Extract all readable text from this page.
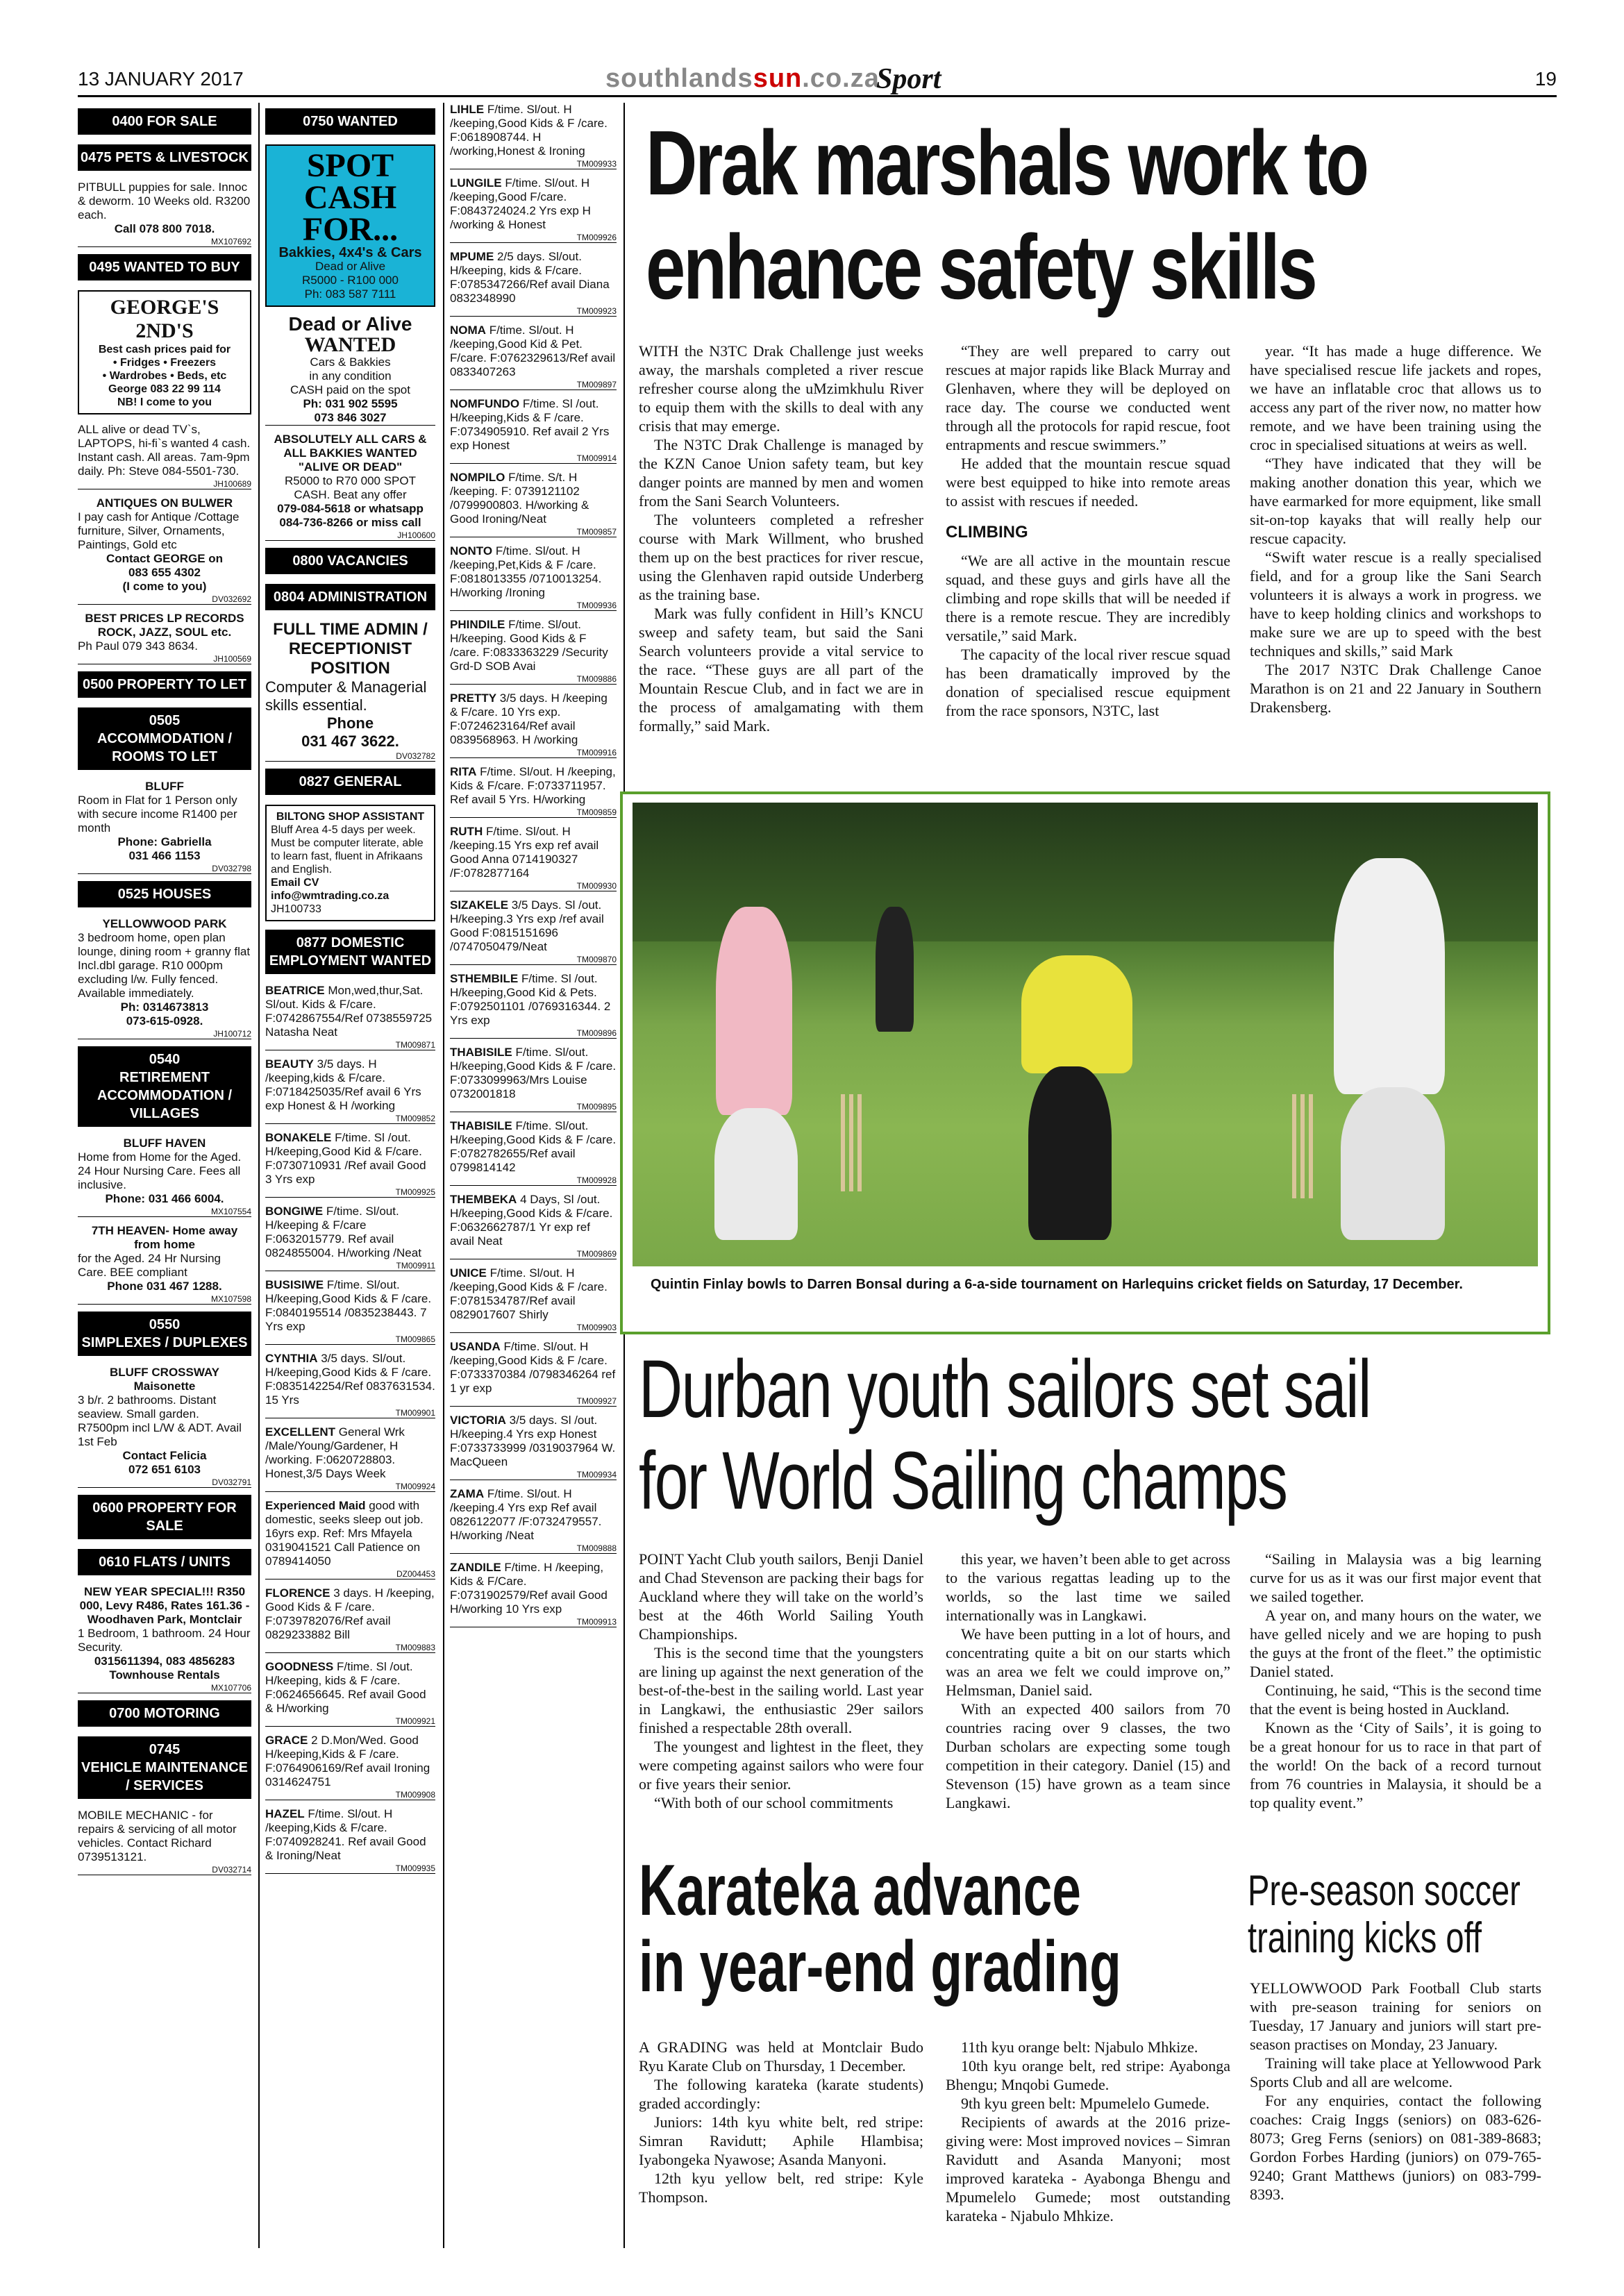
13 JANUARY 2017	southlandssun.co.za
Sport	19
0400 FOR SALE
0475 PETS & LIVESTOCK

PITBULL puppies for sale. Innoc & deworm. 10 Weeks old. R3200 each.

Call 078 800 7018.

MX107692
0495 WANTED TO BUY
GEORGE'S 2ND'S
Best cash prices paid for
• Fridges • Freezers
• Wardrobes • Beds, etc
George 083 22 99 114
NB! I come to you

ALL alive or dead TV`s, LAPTOPS, hi-fi`s wanted 4 cash. Instant cash. All areas. 7am-9pm daily. Ph: Steve 084-5501-730.

JH100689

ANTIQUES ON BULWER

I pay cash for Antique /Cottage furniture, Silver, Ornaments, Paintings, Gold etc

Contact GEORGE on

083 655 4302

(I come to you)

DV032692

BEST PRICES LP RECORDS ROCK, JAZZ, SOUL etc.

Ph Paul 079 343 8634.

JH100569
0500 PROPERTY TO LET
0505
ACCOMMODATION / ROOMS TO LET

BLUFF

Room in Flat for 1 Person only with secure income R1400 per month

Phone: Gabriella

031 466 1153

DV032798
0525 HOUSES

YELLOWWOOD PARK

3 bedroom home, open plan lounge, dining room + granny flat Incl.dbl garage. R10 000pm excluding l/w. Fully fenced. Available immediately.

Ph: 0314673813

073-615-0928.

JH100712
0540
RETIREMENT ACCOMMODATION / VILLAGES

BLUFF HAVEN

Home from Home for the Aged. 24 Hour Nursing Care. Fees all inclusive.

Phone: 031 466 6004.

MX107554

7TH HEAVEN- Home away from home

for the Aged. 24 Hr Nursing Care. BEE compliant

Phone 031 467 1288.

MX107598
0550
SIMPLEXES / DUPLEXES

BLUFF CROSSWAY

Maisonette

3 b/r. 2 bathrooms. Distant seaview. Small garden. R7500pm incl L/W & ADT. Avail 1st Feb

Contact Felicia

072 651 6103

DV032791
0600 PROPERTY FOR SALE
0610 FLATS / UNITS

NEW YEAR SPECIAL!!! R350 000, Levy R486, Rates 161.36 - Woodhaven Park, Montclair

1 Bedroom, 1 bathroom. 24 Hour Security.

0315611394, 083 4856283

Townhouse Rentals

MX107706
0700 MOTORING
0745
VEHICLE MAINTENANCE / SERVICES

MOBILE MECHANIC - for repairs & servicing of all motor vehicles. Contact Richard 0739513121.

DV032714
0750 WANTED
SPOT
CASH
FOR...
Bakkies, 4x4's & Cars
Dead or Alive
R5000 - R100 000
Ph: 083 587 7111
Dead or Alive
WANTED
Cars & Bakkies
in any condition
CASH paid on the spot
Ph: 031 902 5595
073 846 3027

ABSOLUTELY ALL CARS & ALL BAKKIES WANTED "ALIVE OR DEAD"

R5000 to R70 000 SPOT CASH. Beat any offer

079-084-5618 or whatsapp 084-736-8266 or miss call

JH100600
0800 VACANCIES
0804 ADMINISTRATION

FULL TIME ADMIN / RECEPTIONIST POSITION

Computer & Managerial skills essential.

Phone

031 467 3622.

DV032782
0827 GENERAL

BILTONG SHOP ASSISTANT

Bluff Area 4-5 days per week. Must be computer literate, able to learn fast, fluent in Afrikaans and English.

Email CV info@wmtrading.co.za

JH100733
0877 DOMESTIC EMPLOYMENT WANTED

BEATRICE Mon,wed,thur,Sat. Sl/out. Kids & F/care. F:0742867554/Ref 0738559725 Natasha Neat

TM009871

BEAUTY 3/5 days. H /keeping,kids & F/care. F:0718425035/Ref avail 6 Yrs exp Honest & H /working

TM009852

BONAKELE F/time. Sl /out. H/keeping,Good Kid & F/care. F:0730710931 /Ref avail Good 3 Yrs exp

TM009925

BONGIWE F/time. Sl/out. H/keeping & F/care F:0632015779. Ref avail 0824855004. H/working /Neat

TM009911

BUSISIWE F/time. Sl/out. H/keeping,Good Kids & F /care. F:0840195514 /0835238443. 7 Yrs exp

TM009865

CYNTHIA 3/5 days. Sl/out. H/keeping,Good Kids & F /care. F:0835142254/Ref 0837631534. 15 Yrs

TM009901

EXCELLENT General Wrk /Male/Young/Gardener, H /working. F:0620728803. Honest,3/5 Days Week

TM009924

Experienced Maid good with domestic, seeks sleep out job. 16yrs exp. Ref: Mrs Mfayela 0319041521 Call Patience on 0789414050

DZ004453

FLORENCE 3 days. H /keeping, Good Kids & F /care. F:0739782076/Ref avail 0829233882 Bill

TM009883

GOODNESS F/time. Sl /out. H/keeping, kids & F /care. F:0624656645. Ref avail Good & H/working

TM009921

GRACE 2 D.Mon/Wed. Good H/keeping,Kids & F /care. F:0764906169/Ref avail Ironing 0314624751

TM009908

HAZEL F/time. Sl/out. H /keeping,Kids & F/care. F:0740928241. Ref avail Good & Ironing/Neat

TM009935

LIHLE F/time. Sl/out. H /keeping,Good Kids & F /care. F:0618908744. H /working,Honest & Ironing

TM009933

LUNGILE F/time. Sl/out. H /keeping,Good F/care. F:0843724024.2 Yrs exp H /working & Honest

TM009926

MPUME 2/5 days. Sl/out. H/keeping, kids & F/care. F:0785347266/Ref avail Diana 0832348990

TM009923

NOMA F/time. Sl/out. H /keeping,Good Kid & Pet. F/care. F:0762329613/Ref avail 0833407263

TM009897

NOMFUNDO F/time. Sl /out. H/keeping,Kids & F /care. F:0734905910. Ref avail 2 Yrs exp Honest

TM009914

NOMPILO F/time. S/t. H /keeping. F: 0739121102 /0799900803. H/working & Good Ironing/Neat

TM009857

NONTO F/time. Sl/out. H /keeping,Pet,Kids & F /care. F:0818013355 /0710013254. H/working /Ironing

TM009936

PHINDILE F/time. Sl/out. H/keeping. Good Kids & F /care. F:0833363229 /Security Grd-D SOB Avai

TM009886

PRETTY 3/5 days. H /keeping & F/care. 10 Yrs exp. F:0724623164/Ref avail 0839568963. H /working

TM009916

RITA F/time. Sl/out. H /keeping, Kids & F/care. F:0733711957. Ref avail 5 Yrs. H/working

TM009859

RUTH F/time. Sl/out. H /keeping.15 Yrs exp ref avail Good Anna 0714190327 /F:0782877164

TM009930

SIZAKELE 3/5 Days. Sl /out. H/keeping.3 Yrs exp /ref avail Good F:0815151696 /0747050479/Neat

TM009870

STHEMBILE F/time. Sl /out. H/keeping,Good Kid & Pets. F:0792501101 /0769316344. 2 Yrs exp

TM009896

THABISILE F/time. Sl/out. H/keeping,Good Kids & F /care. F:0733099963/Mrs Louise 0732001818

TM009895

THABISILE F/time. Sl/out. H/keeping,Good Kids & F /care. F:0782782655/Ref avail 0799814142

TM009928

THEMBEKA 4 Days, Sl /out. H/keeping,Good Kids & F/care. F:0632662787/1 Yr exp ref avail Neat

TM009869

UNICE F/time. Sl/out. H /keeping,Good Kids & F /care. F:0781534787/Ref avail 0829017607 Shirly

TM009903

USANDA F/time. Sl/out. H /keeping,Good Kids & F /care. F:0733370384 /0798346264 ref 1 yr exp

TM009927

VICTORIA 3/5 days. Sl /out. H/keeping.4 Yrs exp Honest F:0733733999 /0319037964 W. MacQueen

TM009934

ZAMA F/time. Sl/out. H /keeping.4 Yrs exp Ref avail 0826122077 /F:0732479557. H/working /Neat

TM009888

ZANDILE F/time. H /keeping, Kids & F/Care. F:0731902579/Ref avail Good H/working 10 Yrs exp

TM009913
Drak marshals work to
enhance safety skills

WITH the N3TC Drak Challenge just weeks away, the marshals completed a river rescue refresher course along the uMzimkhulu River to equip them with the skills to deal with any crisis that may emerge.

The N3TC Drak Challenge is managed by the KZN Canoe Union safety team, but key danger points are manned by men and women from the Sani Search Volunteers.

The volunteers completed a refresher course with Mark Willment, who brushed them up on the best practices for river rescue, using the Glenhaven rapid outside Underberg as the training base.

Mark was fully confident in Hill’s KNCU sweep and safety team, but said the Sani Search volunteers provide a vital service to the race. “These guys are all part of the Mountain Rescue Club, and in fact we are in the process of amalgamating with them formally,” said Mark.

“They are well prepared to carry out rescues at major rapids like Black Murray and Glenhaven, where they will be deployed on race day. The course we conducted went through all the protocols for rapid rescue, foot entrapments and rescue swimmers.”

He added that the mountain rescue squad were best equipped to hike into remote areas to assist with rescues if needed.

CLIMBING

“We are all active in the mountain rescue squad, and these guys and girls have all the climbing and rope skills that will be needed if there is a remote rescue. They are incredibly versatile,” said Mark.

The capacity of the local river rescue squad has been dramatically improved by the donation of specialised rescue equipment from the race sponsors, N3TC, last

year. “It has made a huge difference. We have specialised rescue life jackets and ropes, we have an inflatable croc that allows us to access any part of the river now, no matter how remote, and we have been training using the croc in specialised situations at weirs as well.

“They have indicated that they will be making another donation this year, which we have earmarked for more equipment, like small sit-on-top kayaks that will really help our rescue capacity.

“Swift water rescue is a really specialised field, and for a group like the Sani Search volunteers it is always a work in progress. we have to keep holding clinics and workshops to make sure we are up to speed with the best techniques and skills,” said Mark

The 2017 N3TC Drak Challenge Canoe Marathon is on 21 and 22 January in Southern Drakensberg.

Quintin Finlay bowls to Darren Bonsal during a 6-a-side tournament on Harlequins cricket fields on Saturday, 17 December.
Durban youth sailors set sail
for World Sailing champs

POINT Yacht Club youth sailors, Benji Daniel and Chad Stevenson are packing their bags for Auckland where they will take on the world’s best at the 46th World Sailing Youth Championships.

This is the second time that the youngsters are lining up against the next generation of the best-of-the-best in the sailing world. Last year in Langkawi, the enthusiastic 29er sailors finished a respectable 28th overall.

The youngest and lightest in the fleet, they were competing against sailors who were four or five years their senior.

“With both of our school commitments

this year, we haven’t been able to get across to the various regattas leading up to the worlds, so the last time we sailed internationally was in Langkawi.

We have been putting in a lot of hours, and concentrating quite a bit on our starts which was an area we felt we could improve on,” Helmsman, Daniel said.

With an expected 400 sailors from 70 countries racing over 9 classes, the two Durban scholars are expecting some tough competition in their category. Daniel (15) and Stevenson (15) have grown as a team since Langkawi.

“Sailing in Malaysia was a big learning curve for us as it was our first major event that we sailed together.

A year on, and many hours on the water, we have gelled nicely and we are hoping to push the guys at the front of the fleet.” the optimistic Daniel stated.

Continuing, he said, “This is the second time that the event is being hosted in Auckland.

Known as the ‘City of Sails’, it is going to be a great honour for us to race in that part of the world! On the back of a record turnout from 76 countries in Malaysia, it should be a top quality event.”

Karateka advance
in year-end grading

A GRADING was held at Montclair Budo Ryu Karate Club on Thursday, 1 December.

The following karateka (karate students) graded accordingly:

Juniors: 14th kyu white belt, red stripe: Simran Ravidutt; Aphile Hlambisa; Iyabongeka Nyawose; Asanda Manyoni.

12th kyu yellow belt, red stripe: Kyle Thompson.

11th kyu orange belt: Njabulo Mhkize.

10th kyu orange belt, red stripe: Ayabonga Bhengu; Mnqobi Gumede.

9th kyu green belt: Mpumelelo Gumede.

Recipients of awards at the 2016 prize-giving were: Most improved novices – Simran Ravidutt and Asanda Manyoni; most improved karateka - Ayabonga Bhengu and Mpumelelo Gumede; most outstanding karateka - Njabulo Mhkize.

Pre-season soccer
training kicks off

YELLOWWOOD Park Football Club starts with pre-season training for seniors on Tuesday, 17 January and juniors will start pre-season practises on Monday, 23 January.

Training will take place at Yellowwood Park Sports Club and all are welcome.

For any enquiries, contact the following coaches: Craig Inggs (seniors) on 083-626-8073; Greg Ferns (seniors) on 081-389-8683; Gordon Forbes Harding (juniors) on 079-765-9240; Grant Matthews (juniors) on 083-799-8393.
